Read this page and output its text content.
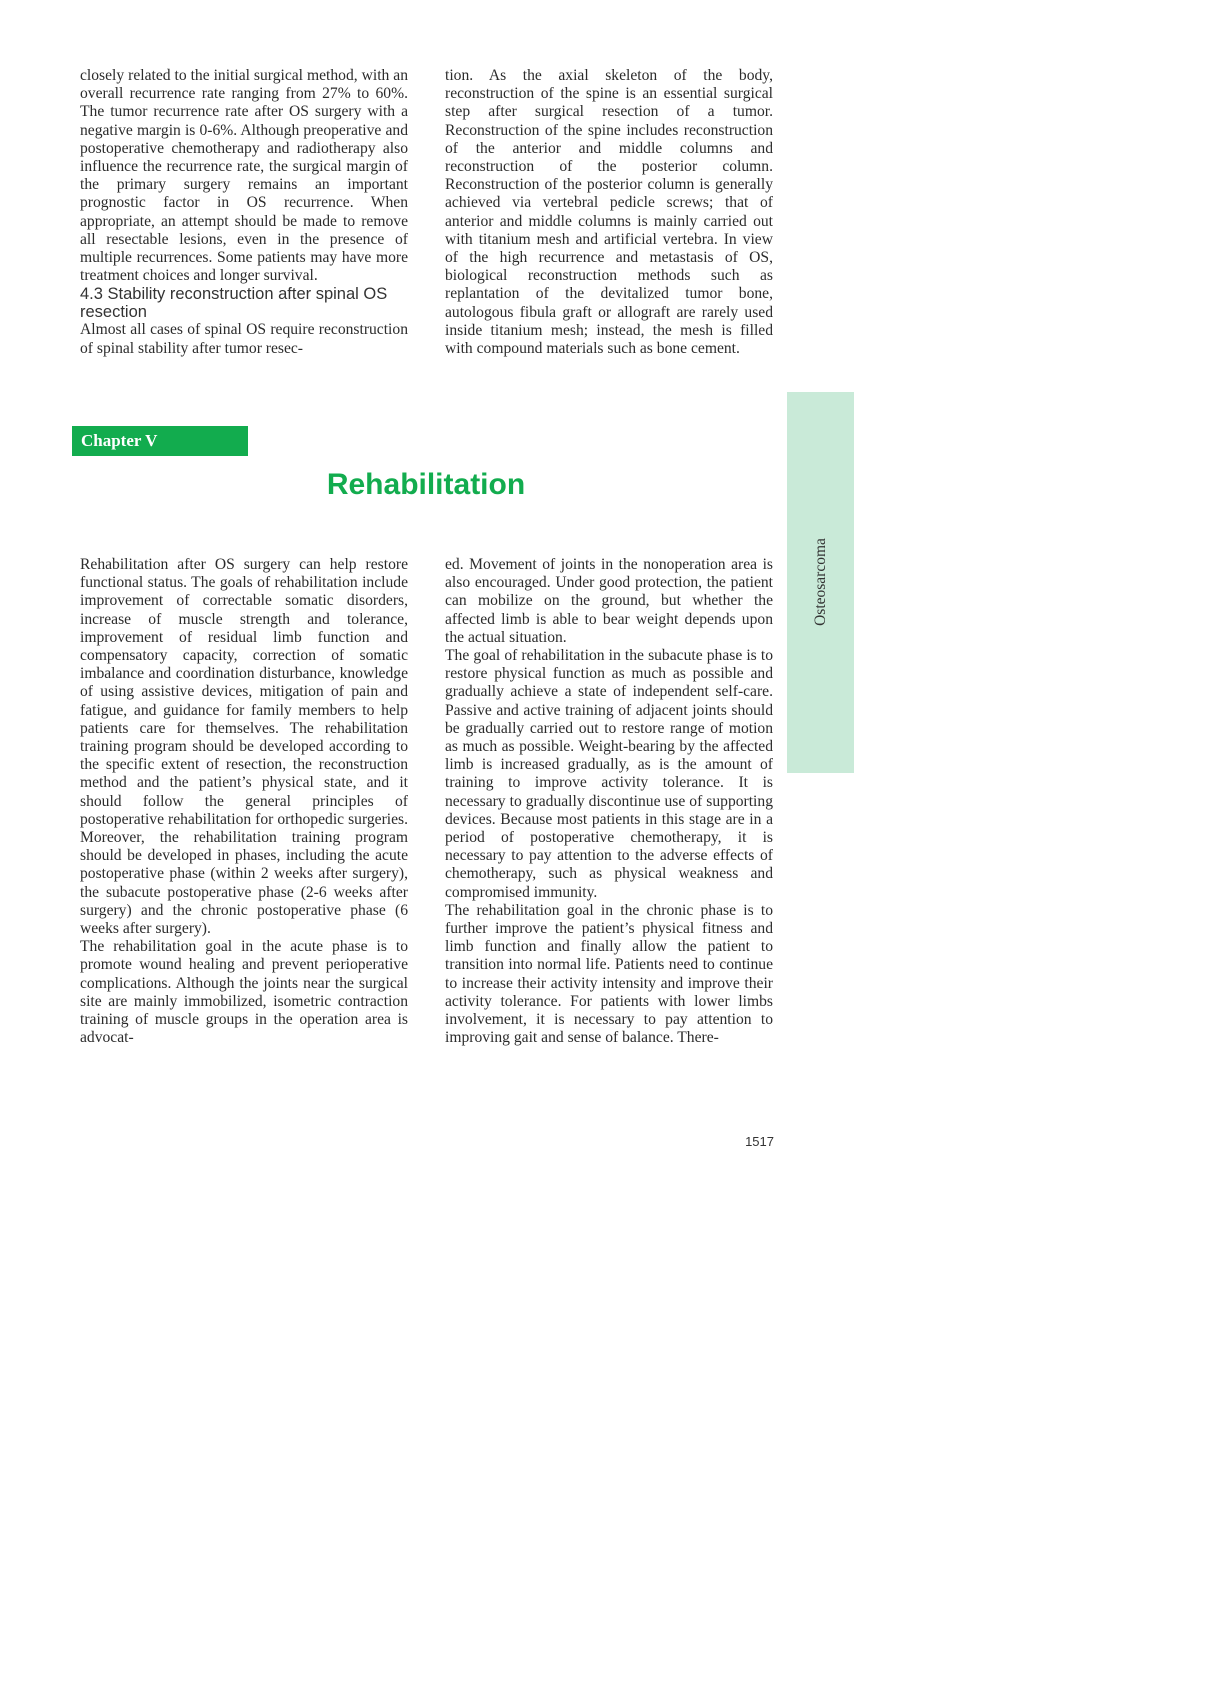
closely related to the initial surgical method, with an overall recurrence rate ranging from 27% to 60%. The tumor recurrence rate after OS surgery with a negative margin is 0-6%. Although preoperative and postoperative chemotherapy and radiotherapy also influence the recurrence rate, the surgical margin of the primary surgery remains an important prognostic factor in OS recurrence. When appropriate, an attempt should be made to remove all resectable lesions, even in the presence of multiple recurrences. Some patients may have more treatment choices and longer survival.

4.3 Stability reconstruction after spinal OS resection

Almost all cases of spinal OS require reconstruction of spinal stability after tumor resec-

tion. As the axial skeleton of the body, reconstruction of the spine is an essential surgical step after surgical resection of a tumor. Reconstruction of the spine includes reconstruction of the anterior and middle columns and reconstruction of the posterior column. Reconstruction of the posterior column is generally achieved via vertebral pedicle screws; that of anterior and middle columns is mainly carried out with titanium mesh and artificial vertebra. In view of the high recurrence and metastasis of OS, biological reconstruction methods such as replantation of the devitalized tumor bone, autologous fibula graft or allograft are rarely used inside titanium mesh; instead, the mesh is filled with compound materials such as bone cement.

Chapter V
Rehabilitation
Osteosarcoma

Rehabilitation after OS surgery can help restore functional status. The goals of rehabilitation include improvement of correctable somatic disorders, increase of muscle strength and tolerance, improvement of residual limb function and compensatory capacity, correction of somatic imbalance and coordination disturbance, knowledge of using assistive devices, mitigation of pain and fatigue, and guidance for family members to help patients care for themselves. The rehabilitation training program should be developed according to the specific extent of resection, the reconstruction method and the patient’s physical state, and it should follow the general principles of postoperative rehabilitation for orthopedic surgeries. Moreover, the rehabilitation training program should be developed in phases, including the acute postoperative phase (within 2 weeks after surgery), the subacute postoperative phase (2-6 weeks after surgery) and the chronic postoperative phase (6 weeks after surgery).

The rehabilitation goal in the acute phase is to promote wound healing and prevent perioperative complications. Although the joints near the surgical site are mainly immobilized, isometric contraction training of muscle groups in the operation area is advocat-

ed. Movement of joints in the nonoperation area is also encouraged. Under good protection, the patient can mobilize on the ground, but whether the affected limb is able to bear weight depends upon the actual situation.

The goal of rehabilitation in the subacute phase is to restore physical function as much as possible and gradually achieve a state of independent self-care. Passive and active training of adjacent joints should be gradually carried out to restore range of motion as much as possible. Weight-bearing by the affected limb is increased gradually, as is the amount of training to improve activity tolerance. It is necessary to gradually discontinue use of supporting devices. Because most patients in this stage are in a period of postoperative chemotherapy, it is necessary to pay attention to the adverse effects of chemotherapy, such as physical weakness and compromised immunity.

The rehabilitation goal in the chronic phase is to further improve the patient’s physical fitness and limb function and finally allow the patient to transition into normal life. Patients need to continue to increase their activity intensity and improve their activity tolerance. For patients with lower limbs involvement, it is necessary to pay attention to improving gait and sense of balance. There-

1517
